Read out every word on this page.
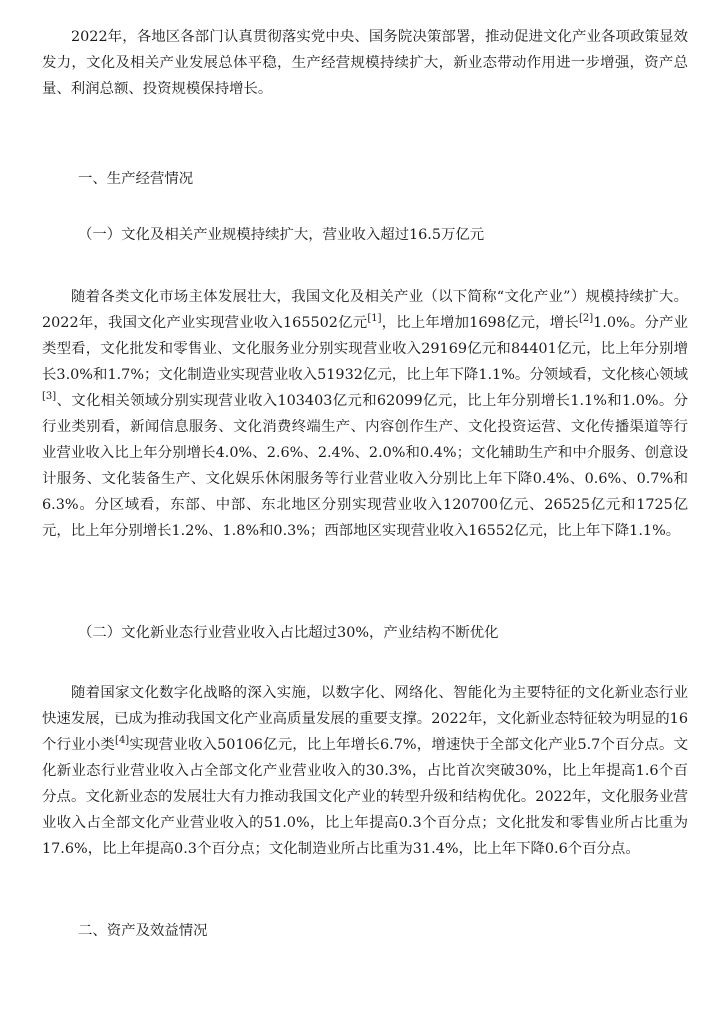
2022年，各地区各部门认真贯彻落实党中央、国务院决策部署，推动促进文化产业各项政策显效发力，文化及相关产业发展总体平稳，生产经营规模持续扩大，新业态带动作用进一步增强，资产总量、利润总额、投资规模保持增长。

一、生产经营情况

（一）文化及相关产业规模持续扩大，营业收入超过16.5万亿元

随着各类文化市场主体发展壮大，我国文化及相关产业（以下简称“文化产业”）规模持续扩大。2022年，我国文化产业实现营业收入165502亿元[1]，比上年增加1698亿元，增长[2]1.0%。分产业类型看，文化批发和零售业、文化服务业分别实现营业收入29169亿元和84401亿元，比上年分别增长3.0%和1.7%；文化制造业实现营业收入51932亿元，比上年下降1.1%。分领域看，文化核心领域[3]、文化相关领域分别实现营业收入103403亿元和62099亿元，比上年分别增长1.1%和1.0%。分行业类别看，新闻信息服务、文化消费终端生产、内容创作生产、文化投资运营、文化传播渠道等行业营业收入比上年分别增长4.0%、2.6%、2.4%、2.0%和0.4%；文化辅助生产和中介服务、创意设计服务、文化装备生产、文化娱乐休闲服务等行业营业收入分别比上年下降0.4%、0.6%、0.7%和6.3%。分区域看，东部、中部、东北地区分别实现营业收入120700亿元、26525亿元和1725亿元，比上年分别增长1.2%、1.8%和0.3%；西部地区实现营业收入16552亿元，比上年下降1.1%。

（二）文化新业态行业营业收入占比超过30%，产业结构不断优化

随着国家文化数字化战略的深入实施，以数字化、网络化、智能化为主要特征的文化新业态行业快速发展，已成为推动我国文化产业高质量发展的重要支撑。2022年，文化新业态特征较为明显的16个行业小类[4]实现营业收入50106亿元，比上年增长6.7%，增速快于全部文化产业5.7个百分点。文化新业态行业营业收入占全部文化产业营业收入的30.3%，占比首次突破30%，比上年提高1.6个百分点。文化新业态的发展壮大有力推动我国文化产业的转型升级和结构优化。2022年，文化服务业营业收入占全部文化产业营业收入的51.0%，比上年提高0.3个百分点；文化批发和零售业所占比重为17.6%，比上年提高0.3个百分点；文化制造业所占比重为31.4%，比上年下降0.6个百分点。

二、资产及效益情况
